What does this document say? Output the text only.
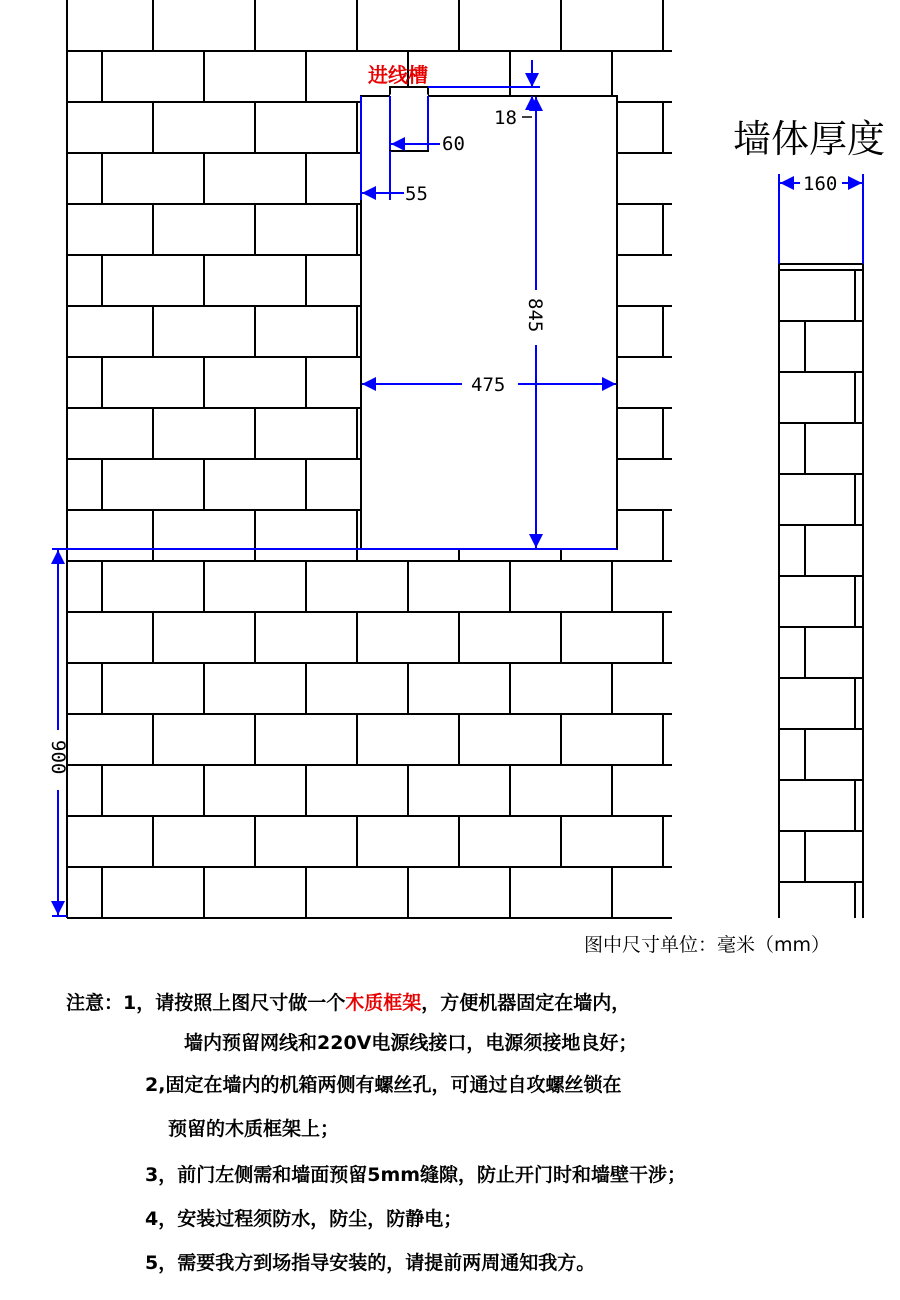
进线槽
18
60
55
475
845
900
160
墙体厚度
图中尺寸单位：毫米（mm）
注意：1，请按照上图尺寸做一个木质框架，方便机器固定在墙内，
墙内预留网线和220V电源线接口，电源须接地良好；
2,固定在墙内的机箱两侧有螺丝孔，可通过自攻螺丝锁在
预留的木质框架上；
3，前门左侧需和墙面预留5mm缝隙，防止开门时和墙壁干涉；
4，安装过程须防水，防尘，防静电；
5，需要我方到场指导安装的，请提前两周通知我方。
